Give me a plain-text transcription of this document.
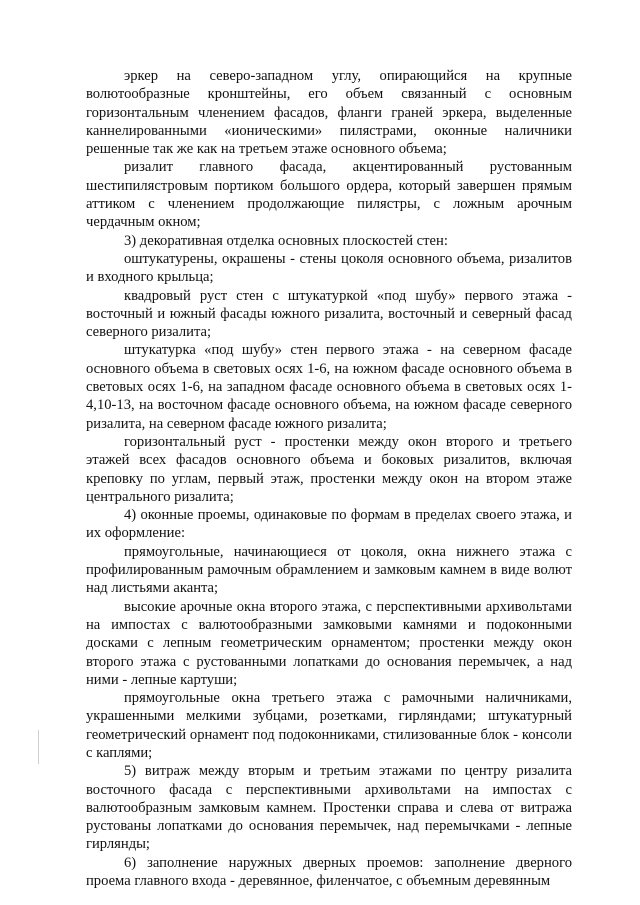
эркер на северо-западном углу, опирающийся на крупные волютообразные кронштейны, его объем связанный с основным горизонтальным членением фасадов, фланги граней эркера, выделенные каннелированными «ионическими» пилястрами, оконные наличники решенные так же как на третьем этаже основного объема;

ризалит главного фасада, акцентированный рустованным шестипилястровым портиком большого ордера, который завершен прямым аттиком с членением продолжающие пилястры, с ложным арочным чердачным окном;

3) декоративная отделка основных плоскостей стен:

оштукатурены, окрашены - стены цоколя основного объема, ризалитов и входного крыльца;

квадровый руст стен с штукатуркой «под шубу» первого этажа - восточный и южный фасады южного ризалита, восточный и северный фасад северного ризалита;

штукатурка «под шубу» стен первого этажа - на северном фасаде основного объема в световых осях 1-6, на южном фасаде основного объема в световых осях 1-6, на западном фасаде основного объема в световых осях 1-4,10-13, на восточном фасаде основного объема, на южном фасаде северного ризалита, на северном фасаде южного ризалита;

горизонтальный руст - простенки между окон второго и третьего этажей всех фасадов основного объема и боковых ризалитов, включая креповку по углам, первый этаж, простенки между окон на втором этаже центрального ризалита;

4) оконные проемы, одинаковые по формам в пределах своего этажа, и их оформление:

прямоугольные, начинающиеся от цоколя, окна нижнего этажа с профилированным рамочным обрамлением и замковым камнем в виде волют над листьями аканта;

высокие арочные окна второго этажа, с перспективными архивольтами на импостах с валютообразными замковыми камнями и подоконными досками с лепным геометрическим орнаментом; простенки между окон второго этажа с рустованными лопатками до основания перемычек, а над ними - лепные картуши;

прямоугольные окна третьего этажа с рамочными наличниками, украшенными мелкими зубцами, розетками, гирляндами; штукатурный геометрический орнамент под подоконниками, стилизованные блок - консоли с каплями;

5) витраж между вторым и третьим этажами по центру ризалита восточного фасада с перспективными архивольтами на импостах с валютообразным замковым камнем. Простенки справа и слева от витража рустованы лопатками до основания перемычек, над перемычками - лепные гирлянды;

6) заполнение наружных дверных проемов: заполнение дверного проема главного входа - деревянное, филенчатое, с объемным деревянным
